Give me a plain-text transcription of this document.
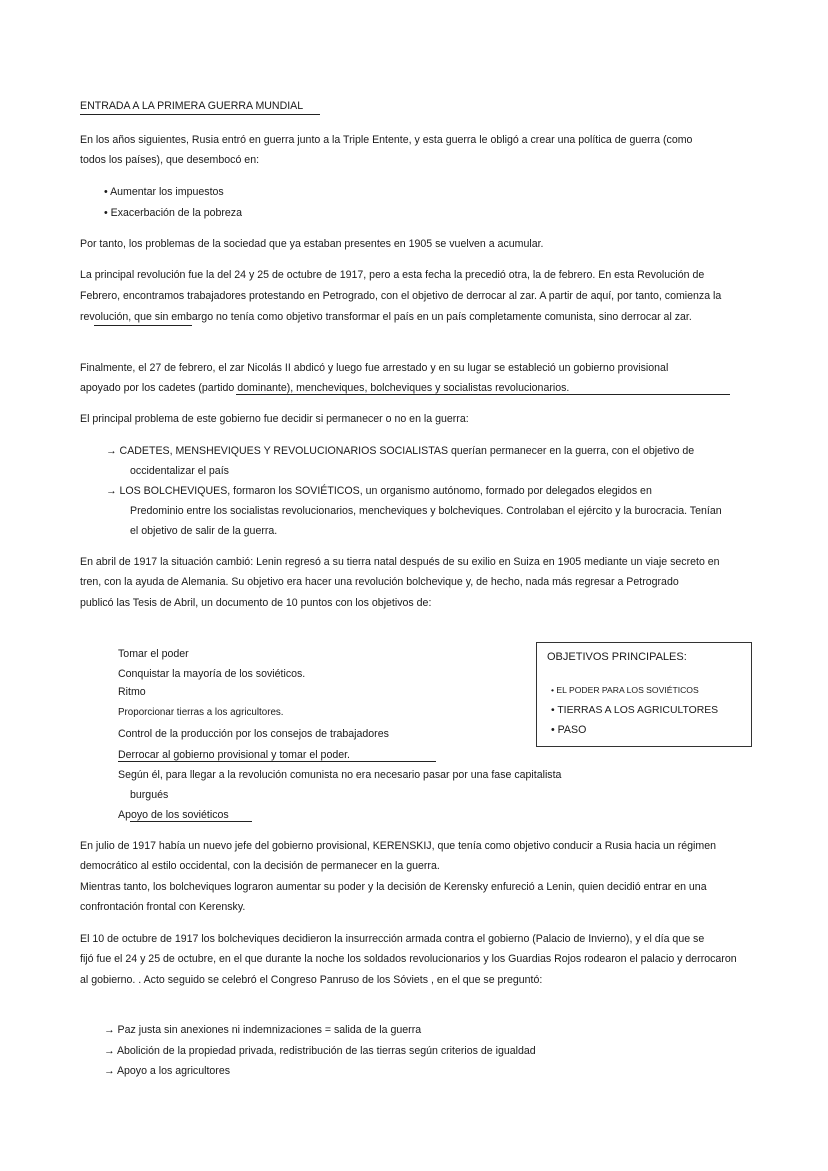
ENTRADA A LA PRIMERA GUERRA MUNDIAL
En los años siguientes, Rusia entró en guerra junto a la Triple Entente, y esta guerra le obligó a crear una política de guerra (como
todos los países), que desembocó en:
• Aumentar los impuestos
• Exacerbación de la pobreza
Por tanto, los problemas de la sociedad que ya estaban presentes en 1905 se vuelven a acumular.
La principal revolución fue la del 24 y 25 de octubre de 1917, pero a esta fecha la precedió otra, la de febrero. En esta Revolución de
Febrero, encontramos trabajadores protestando en Petrogrado, con el objetivo de derrocar al zar. A partir de aquí, por tanto, comienza la
revolución, que sin embargo no tenía como objetivo transformar el país en un país completamente comunista, sino derrocar al zar.
Finalmente, el 27 de febrero, el zar Nicolás II abdicó y luego fue arrestado y en su lugar se estableció un gobierno provisional
apoyado por los cadetes (partido dominante), mencheviques, bolcheviques y socialistas revolucionarios.
El principal problema de este gobierno fue decidir si permanecer o no en la guerra:
→ CADETES, MENSHEVIQUES Y REVOLUCIONARIOS SOCIALISTAS querían permanecer en la guerra, con el objetivo de
occidentalizar el país
→ LOS BOLCHEVIQUES, formaron los SOVIÉTICOS, un organismo autónomo, formado por delegados elegidos en
Predominio entre los socialistas revolucionarios, mencheviques y bolcheviques. Controlaban el ejército y la burocracia. Tenían
el objetivo de salir de la guerra.
En abril de 1917 la situación cambió: Lenin regresó a su tierra natal después de su exilio en Suiza en 1905 mediante un viaje secreto en
tren, con la ayuda de Alemania. Su objetivo era hacer una revolución bolchevique y, de hecho, nada más regresar a Petrogrado
publicó las Tesis de Abril, un documento de 10 puntos con los objetivos de:
Tomar el poder
Conquistar la mayoría de los soviéticos.
Ritmo
Proporcionar tierras a los agricultores.
Control de la producción por los consejos de trabajadores
Derrocar al gobierno provisional y tomar el poder.
Según él, para llegar a la revolución comunista no era necesario pasar por una fase capitalista
burgués
Apoyo de los soviéticos
OBJETIVOS PRINCIPALES:
• EL PODER PARA LOS SOVIÉTICOS
• TIERRAS A LOS AGRICULTORES
• PASO
En julio de 1917 había un nuevo jefe del gobierno provisional, KERENSKIJ, que tenía como objetivo conducir a Rusia hacia un régimen
democrático al estilo occidental, con la decisión de permanecer en la guerra.
Mientras tanto, los bolcheviques lograron aumentar su poder y la decisión de Kerensky enfureció a Lenin, quien decidió entrar en una
confrontación frontal con Kerensky.
El 10 de octubre de 1917 los bolcheviques decidieron la insurrección armada contra el gobierno (Palacio de Invierno), y el día que se
fijó fue el 24 y 25 de octubre, en el que durante la noche los soldados revolucionarios y los Guardias Rojos rodearon el palacio y derrocaron
al gobierno. . Acto seguido se celebró el Congreso Panruso de los Sóviets , en el que se preguntó:
→ Paz justa sin anexiones ni indemnizaciones = salida de la guerra
→ Abolición de la propiedad privada, redistribución de las tierras según criterios de igualdad
→ Apoyo a los agricultores
